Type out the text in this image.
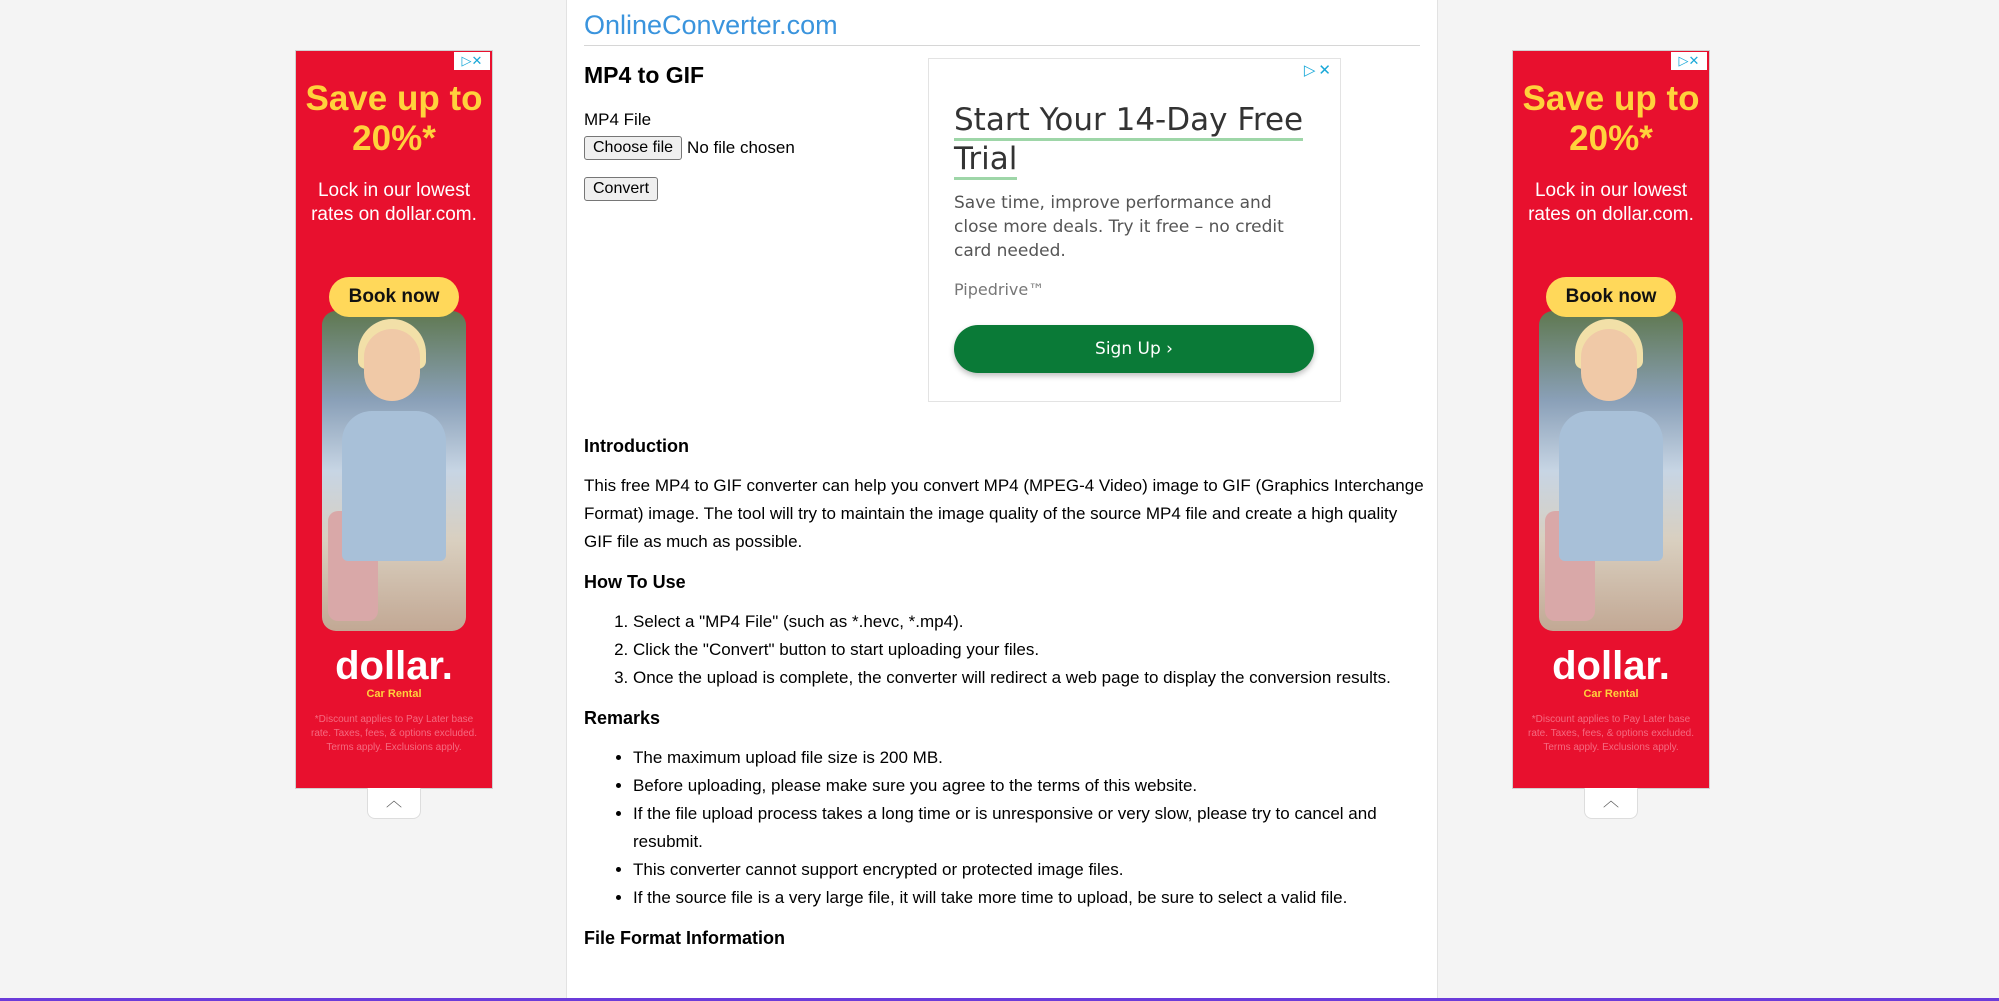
▷✕
Save up to 20%*
Lock in our lowest rates on dollar.com.
Book now
dollar.
Car Rental
*Discount applies to Pay Later base rate. Taxes, fees, & options excluded. Terms apply. Exclusions apply.
︿
▷✕
Save up to 20%*
Lock in our lowest rates on dollar.com.
Book now
dollar.
Car Rental
*Discount applies to Pay Later base rate. Taxes, fees, & options excluded. Terms apply. Exclusions apply.
︿
OnlineConverter.com
MP4 to GIF
MP4 File
Choose file No file chosen
Convert
▷✕
Start Your 14-Day Free Trial
Save time, improve performance and close more deals. Try it free – no credit card needed.
Pipedrive™
Sign Up ›
Introduction

This free MP4 to GIF converter can help you convert MP4 (MPEG-4 Video) image to GIF (Graphics Interchange Format) image. The tool will try to maintain the image quality of the source MP4 file and create a high quality GIF file as much as possible.

How To Use
1. Select a "MP4 File" (such as *.hevc, *.mp4).
2. Click the "Convert" button to start uploading your files.
3. Once the upload is complete, the converter will redirect a web page to display the conversion results.
Remarks
• The maximum upload file size is 200 MB.
• Before uploading, please make sure you agree to the terms of this website.
• If the file upload process takes a long time or is unresponsive or very slow, please try to cancel and resubmit.
• This converter cannot support encrypted or protected image files.
• If the source file is a very large file, it will take more time to upload, be sure to select a valid file.
File Format Information
